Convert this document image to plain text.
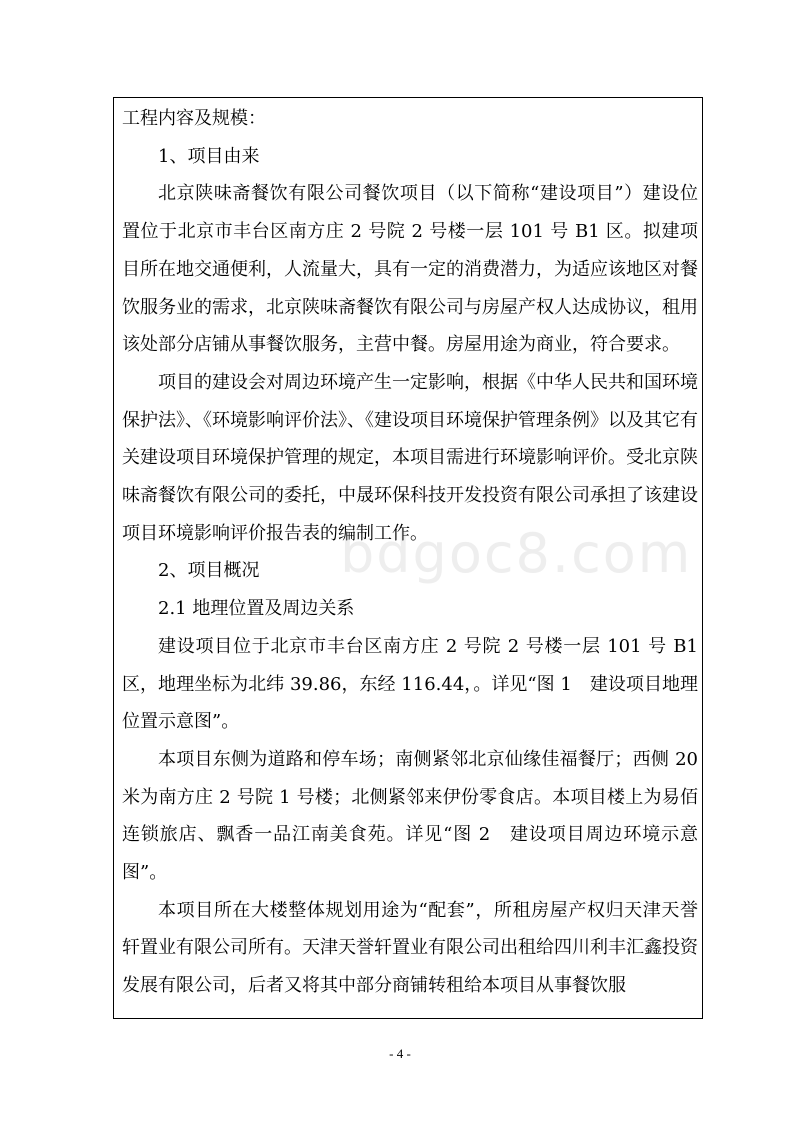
工程内容及规模：

1、项目由来

北京陕味斋餐饮有限公司餐饮项目（以下简称“建设项目”）建设位置位于北京市丰台区南方庄 2 号院 2 号楼一层 101 号 B1 区。拟建项目所在地交通便利，人流量大，具有一定的消费潜力，为适应该地区对餐饮服务业的需求，北京陕味斋餐饮有限公司与房屋产权人达成协议，租用该处部分店铺从事餐饮服务，主营中餐。房屋用途为商业，符合要求。

项目的建设会对周边环境产生一定影响，根据《中华人民共和国环境保护法》、《环境影响评价法》、《建设项目环境保护管理条例》以及其它有关建设项目环境保护管理的规定，本项目需进行环境影响评价。受北京陕味斋餐饮有限公司的委托，中晟环保科技开发投资有限公司承担了该建设项目环境影响评价报告表的编制工作。

2、项目概况

2.1 地理位置及周边关系

建设项目位于北京市丰台区南方庄 2 号院 2 号楼一层 101 号 B1 区，地理坐标为北纬 39.86，东经 116.44，。详见“图 1　建设项目地理位置示意图”。

本项目东侧为道路和停车场；南侧紧邻北京仙缘佳福餐厅；西侧 20 米为南方庄 2 号院 1 号楼；北侧紧邻来伊份零食店。本项目楼上为易佰连锁旅店、飘香一品江南美食苑。详见“图 2　建设项目周边环境示意图”。

本项目所在大楼整体规划用途为“配套”，所租房屋产权归天津天誉轩置业有限公司所有。天津天誉轩置业有限公司出租给四川利丰汇鑫投资发展有限公司，后者又将其中部分商铺转租给本项目从事餐饮服

bdgoc8.com
- 4 -
